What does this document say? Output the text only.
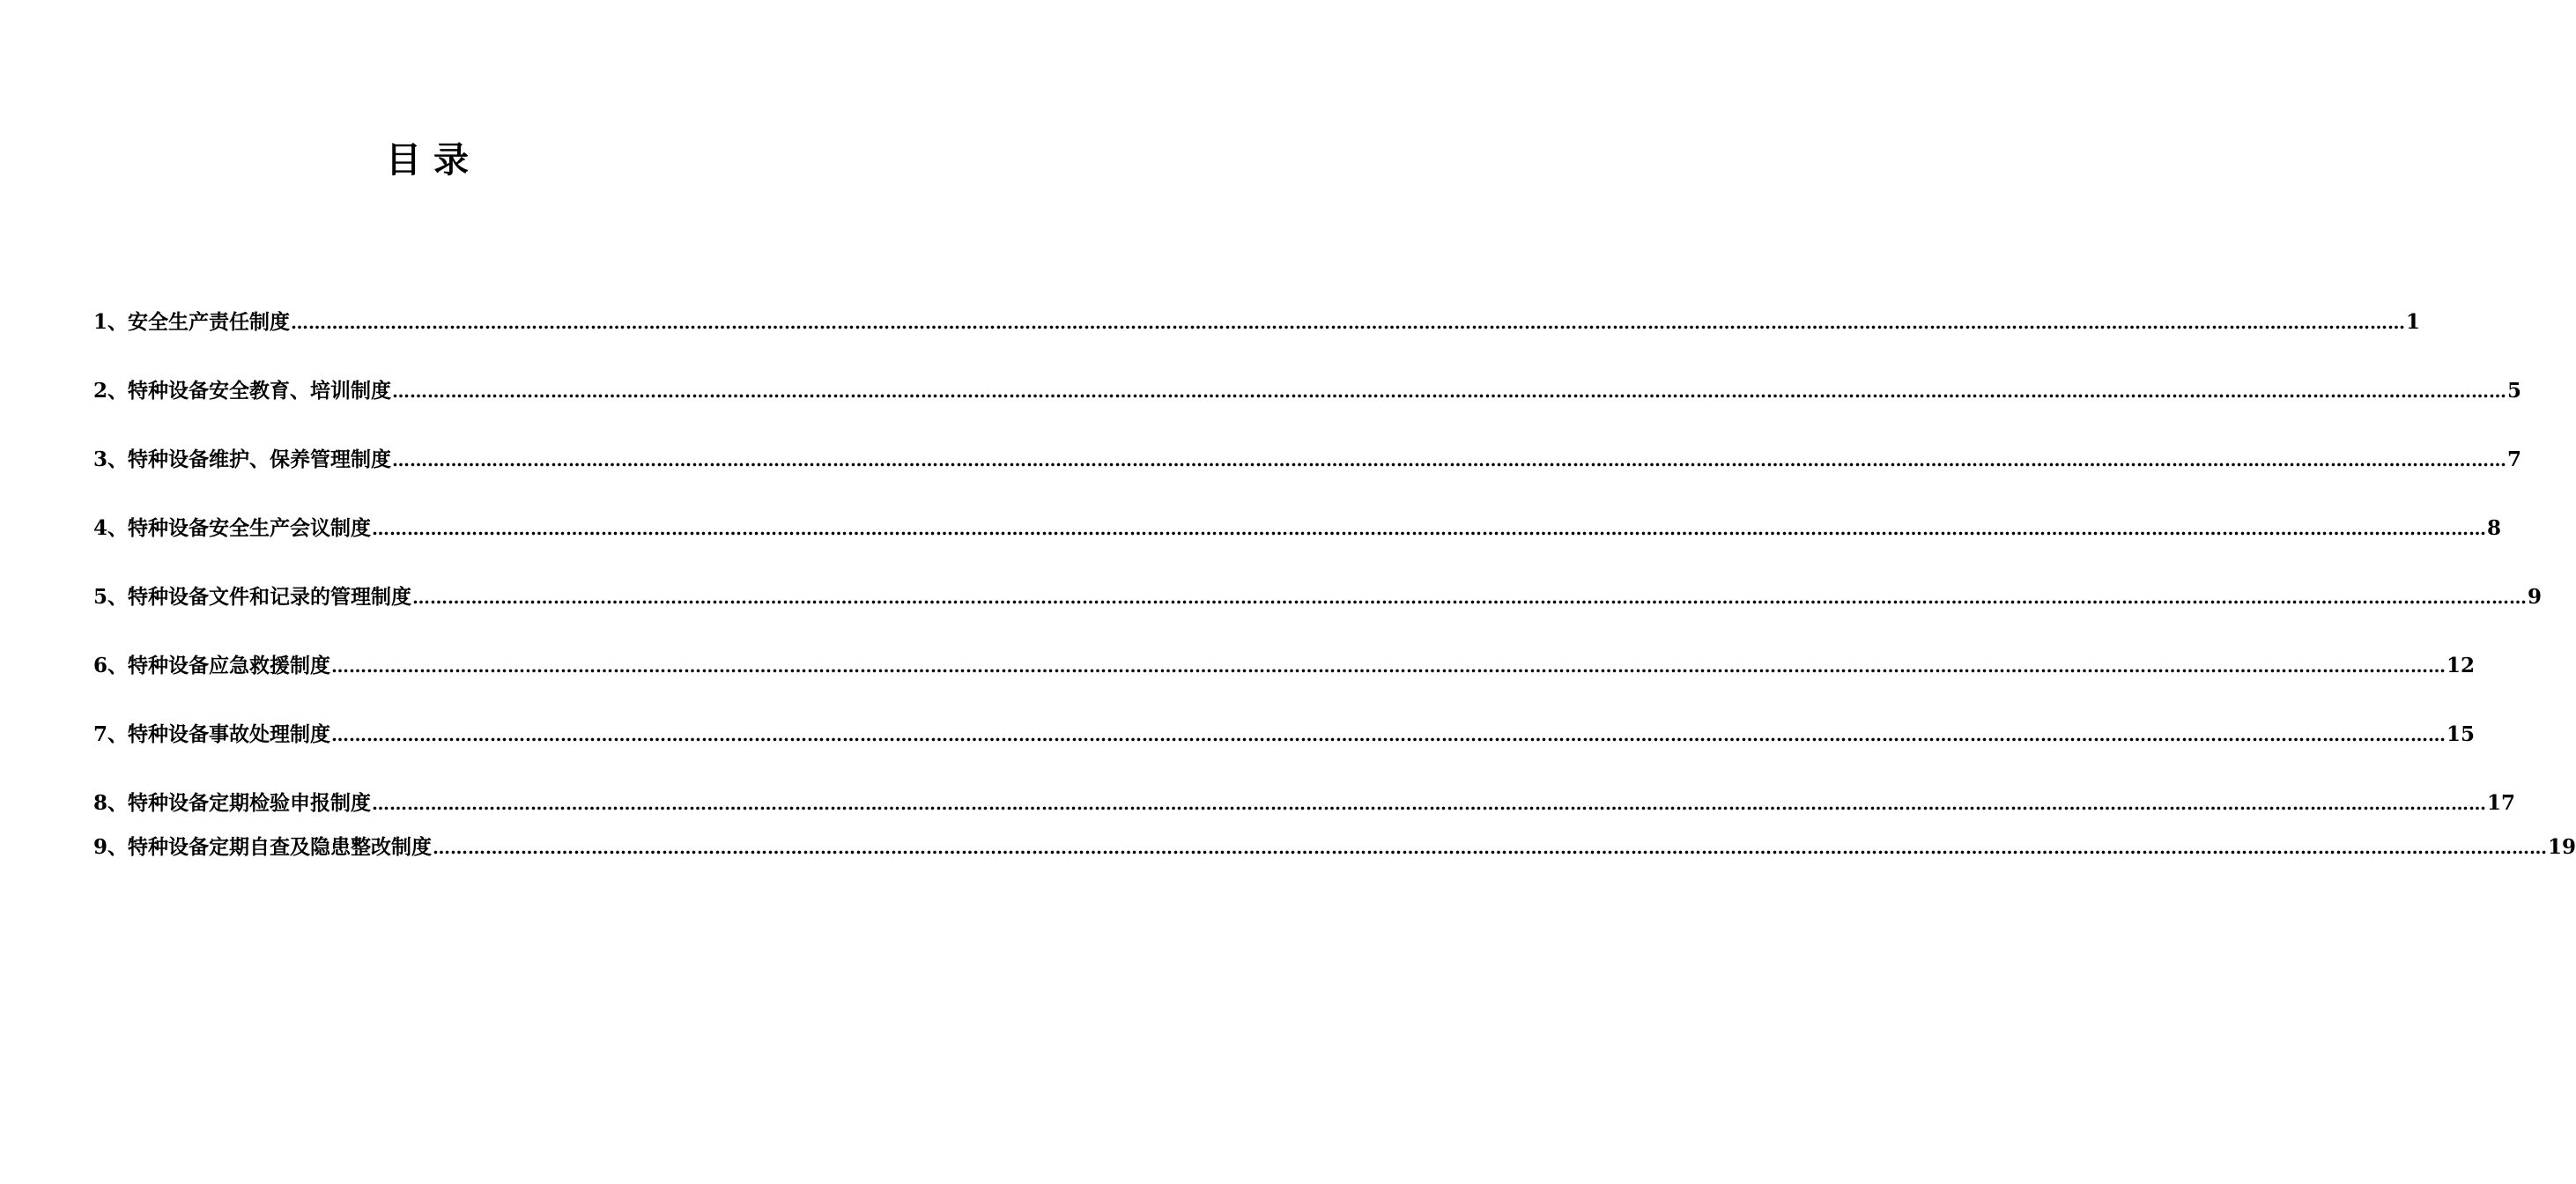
目 录
1、安全生产责任制度 ……………………………………………………………………………………………………………………………………………………………………………………………………………………………………………………………………………………………………………………………… 1
2、特种设备安全教育、培训制度 ……………………………………………………………………………………………………………………………………………………………………………………………………………………………………………………………………………………………………………………………… 5
3、特种设备维护、保养管理制度 ……………………………………………………………………………………………………………………………………………………………………………………………………………………………………………………………………………………………………………………………… 7
4、特种设备安全生产会议制度 ……………………………………………………………………………………………………………………………………………………………………………………………………………………………………………………………………………………………………………………………… 8
5、特种设备文件和记录的管理制度 ……………………………………………………………………………………………………………………………………………………………………………………………………………………………………………………………………………………………………………………………… 9
6、特种设备应急救援制度 ……………………………………………………………………………………………………………………………………………………………………………………………………………………………………………………………………………………………………………………………… 12
7、特种设备事故处理制度 ……………………………………………………………………………………………………………………………………………………………………………………………………………………………………………………………………………………………………………………………… 15
8、特种设备定期检验申报制度 ……………………………………………………………………………………………………………………………………………………………………………………………………………………………………………………………………………………………………………………………… 17
9、特种设备定期自查及隐患整改制度 ……………………………………………………………………………………………………………………………………………………………………………………………………………………………………………………………………………………………………………………………… 19
